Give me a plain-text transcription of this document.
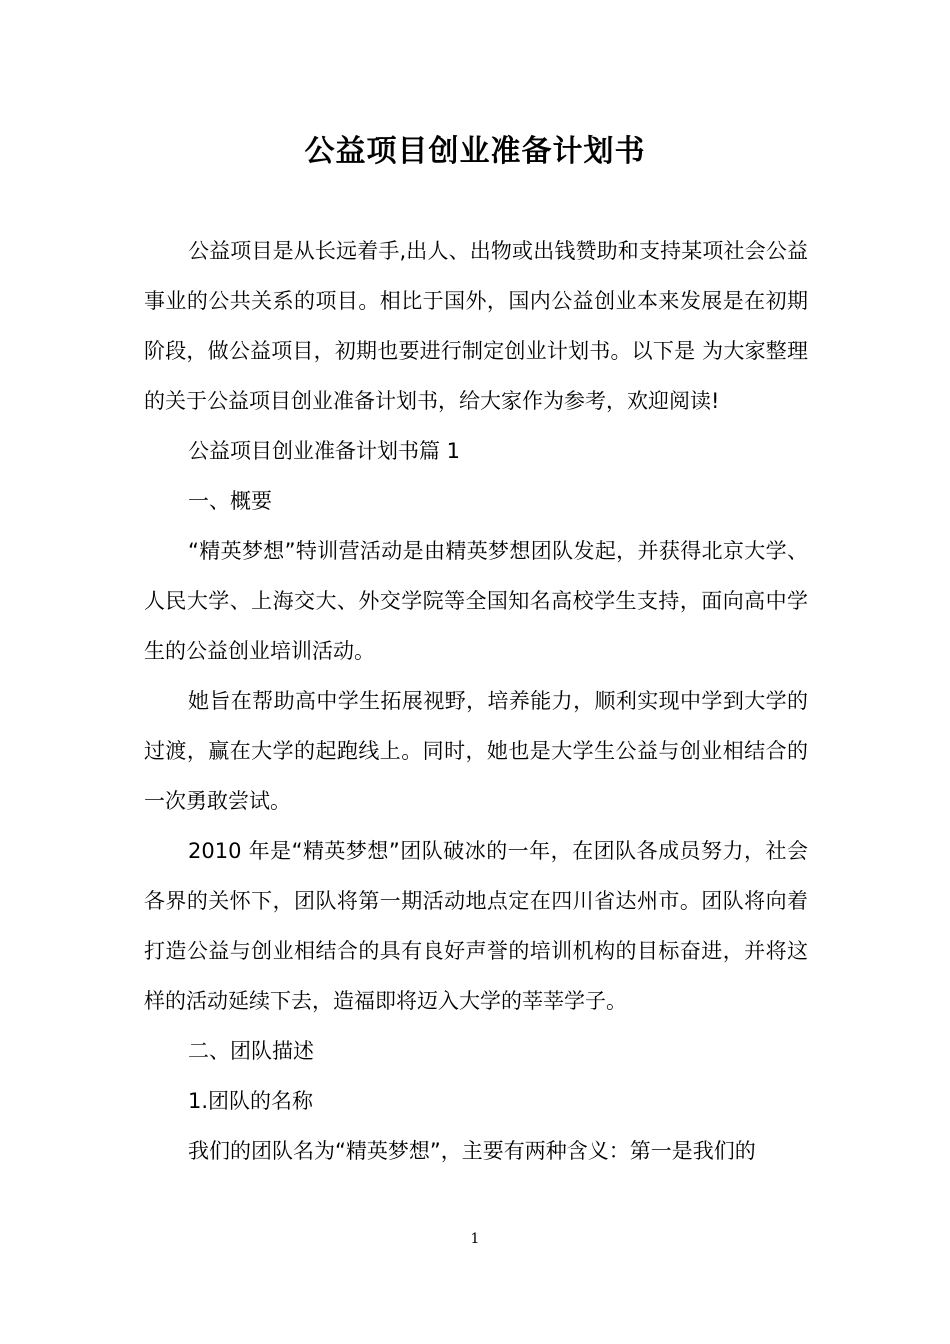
公益项目创业准备计划书

公益项目是从长远着手,出人、出物或出钱赞助和支持某项社会公益事业的公共关系的项目。相比于国外，国内公益创业本来发展是在初期阶段，做公益项目，初期也要进行制定创业计划书。以下是 为大家整理的关于公益项目创业准备计划书，给大家作为参考，欢迎阅读!

公益项目创业准备计划书篇 1

一、概要

“精英梦想”特训营活动是由精英梦想团队发起，并获得北京大学、人民大学、上海交大、外交学院等全国知名高校学生支持，面向高中学生的公益创业培训活动。

她旨在帮助高中学生拓展视野，培养能力，顺利实现中学到大学的过渡，赢在大学的起跑线上。同时，她也是大学生公益与创业相结合的一次勇敢尝试。

2010 年是“精英梦想”团队破冰的一年，在团队各成员努力，社会各界的关怀下，团队将第一期活动地点定在四川省达州市。团队将向着打造公益与创业相结合的具有良好声誉的培训机构的目标奋进，并将这样的活动延续下去，造福即将迈入大学的莘莘学子。

二、团队描述

1.团队的名称

我们的团队名为“精英梦想”，主要有两种含义：第一是我们的

1
